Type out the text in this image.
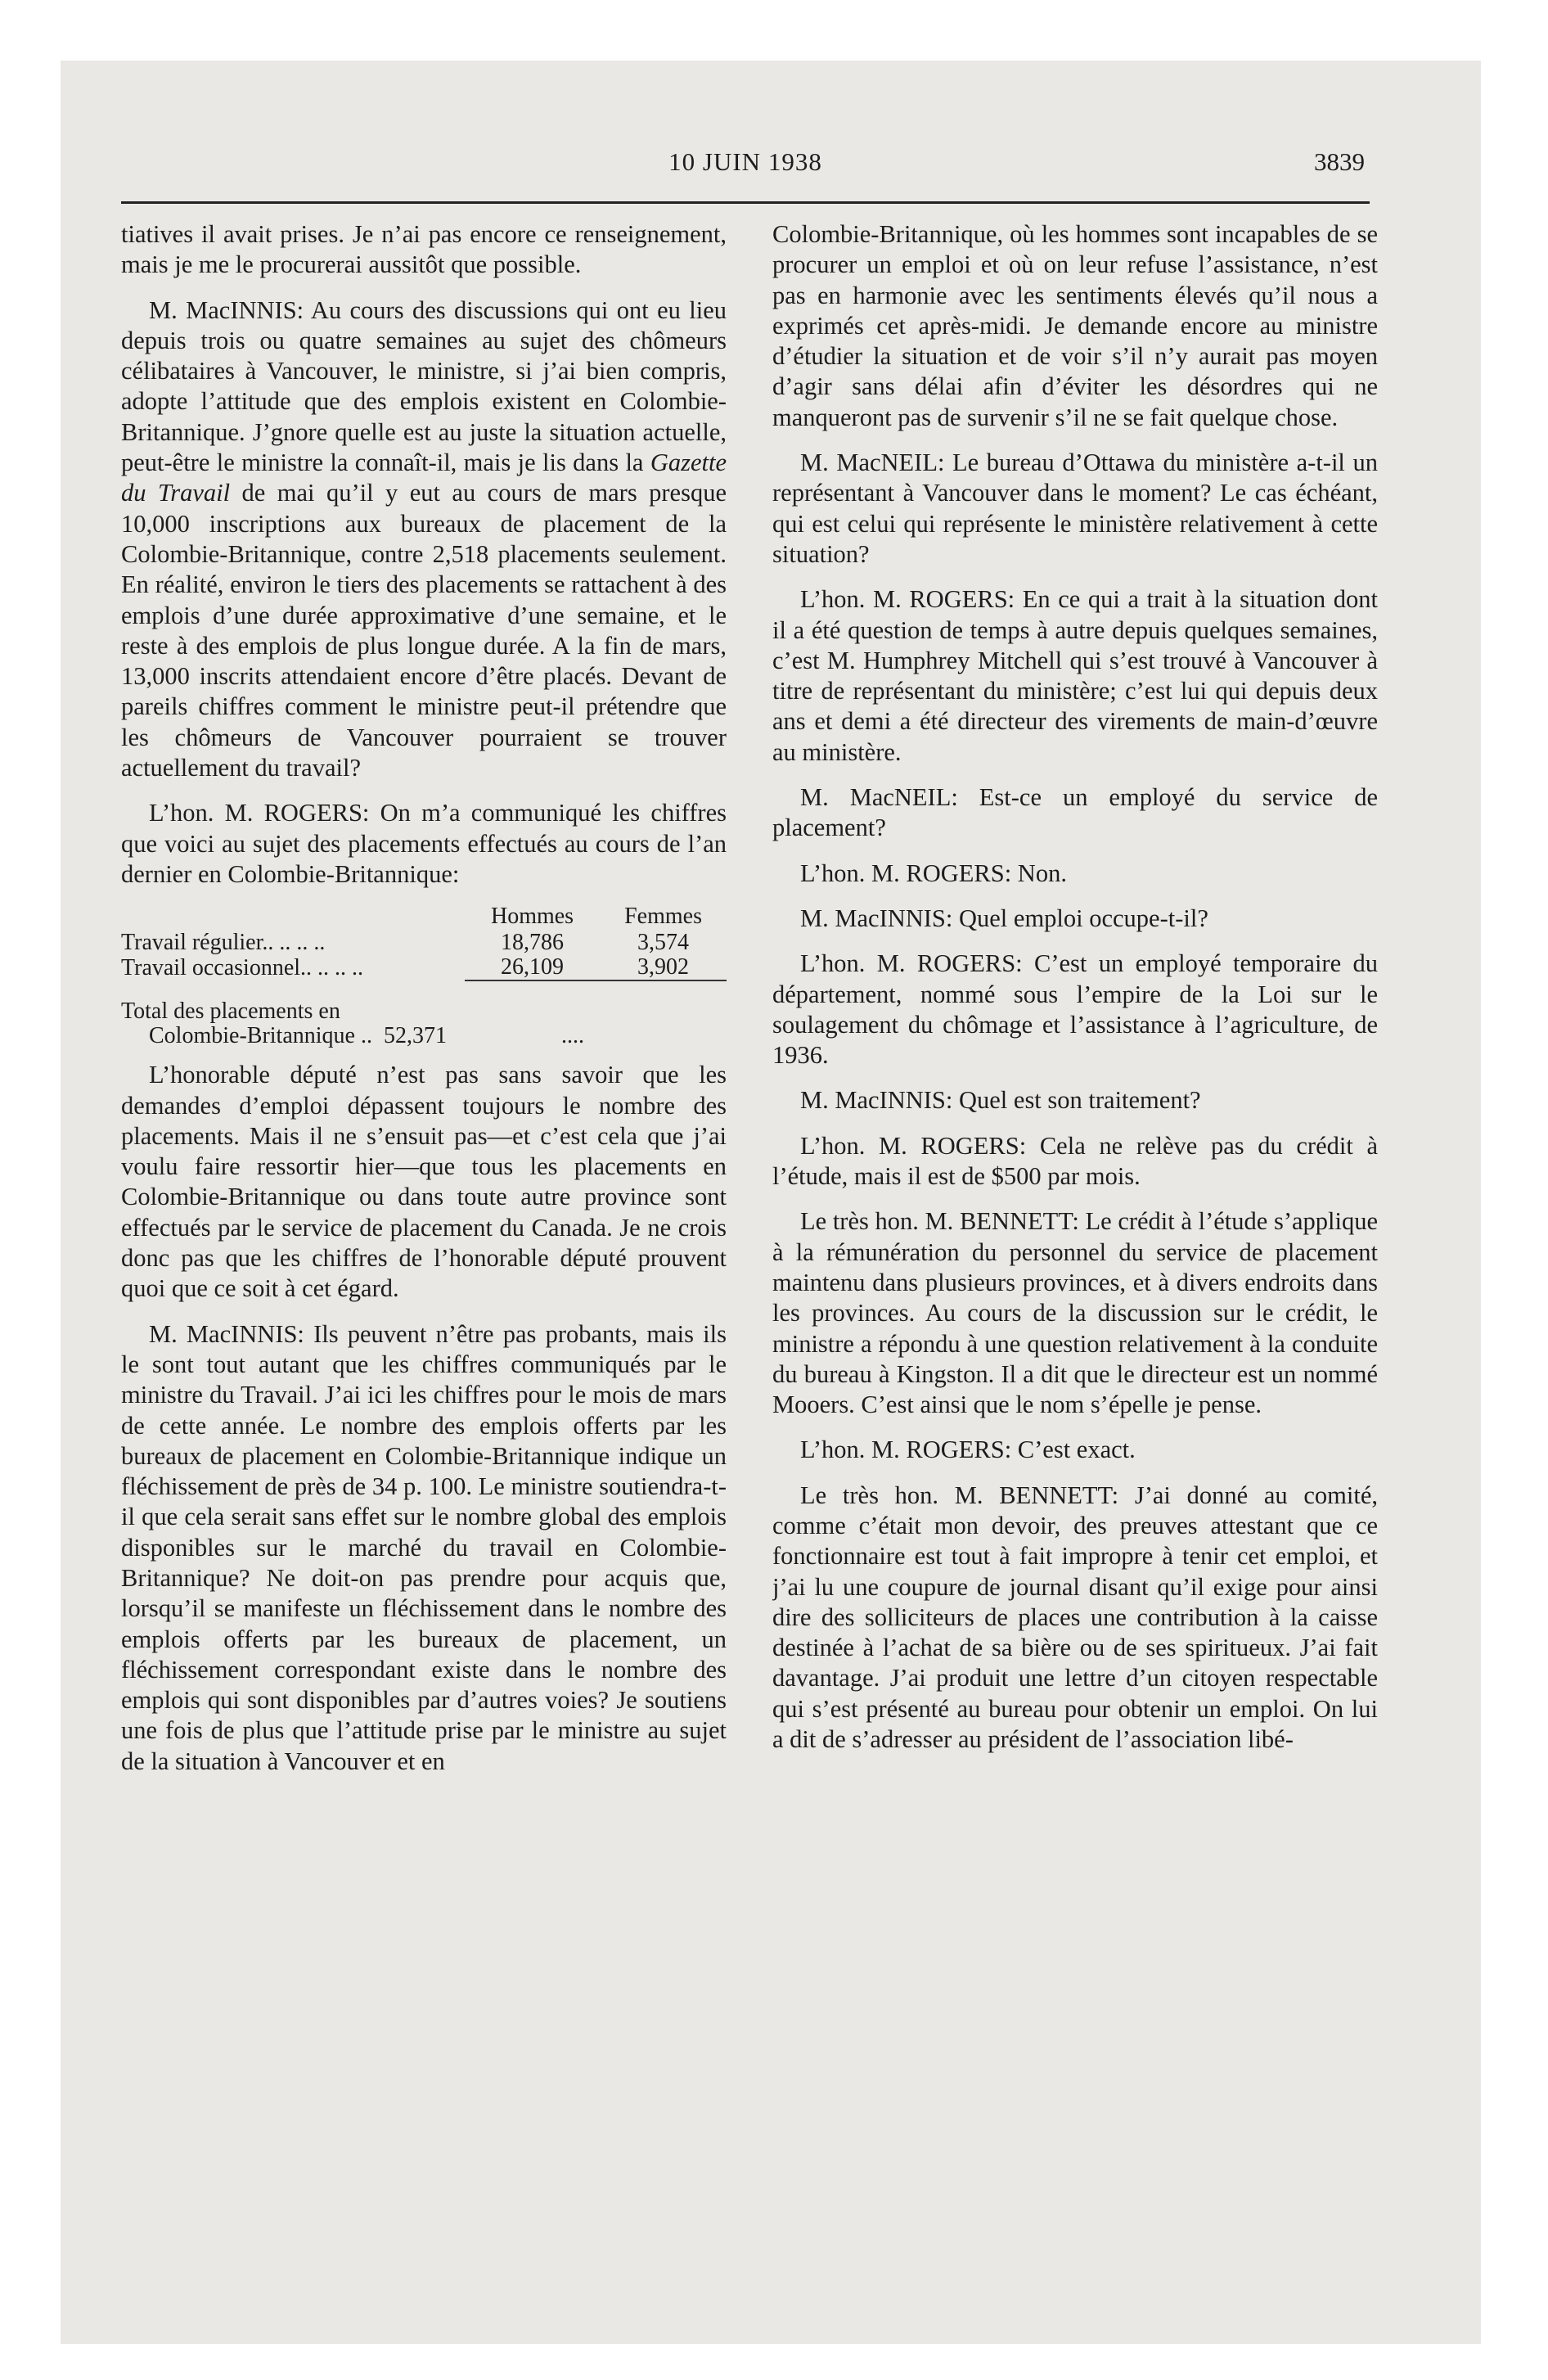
10 JUIN 1938	3839

tiatives il avait prises. Je n’ai pas encore ce renseignement, mais je me le procurerai aussitôt que possible.

M. MacINNIS: Au cours des discussions qui ont eu lieu depuis trois ou quatre semaines au sujet des chômeurs célibataires à Vancouver, le ministre, si j’ai bien compris, adopte l’attitude que des emplois existent en Colombie-Britannique. J’gnore quelle est au juste la situation actuelle, peut-être le ministre la connaît-il, mais je lis dans la Gazette du Travail de mai qu’il y eut au cours de mars presque 10,000 inscriptions aux bureaux de placement de la Colombie-Britannique, contre 2,518 placements seulement. En réalité, environ le tiers des placements se rattachent à des emplois d’une durée approximative d’une semaine, et le reste à des emplois de plus longue durée. A la fin de mars, 13,000 inscrits attendaient encore d’être placés. Devant de pareils chiffres comment le ministre peut-il prétendre que les chômeurs de Vancouver pourraient se trouver actuellement du travail?

L’hon. M. ROGERS: On m’a communiqué les chiffres que voici au sujet des placements effectués au cours de l’an dernier en Colombie-Britannique:

	Hommes	Femmes
Travail régulier.. .. .. ..	18,786	3,574
Travail occasionnel.. .. .. ..	26,109	3,902
Total des placements en
Colombie-Britannique .. 52,371	....

L’honorable député n’est pas sans savoir que les demandes d’emploi dépassent toujours le nombre des placements. Mais il ne s’ensuit pas—et c’est cela que j’ai voulu faire ressortir hier—que tous les placements en Colombie-Britannique ou dans toute autre province sont effectués par le service de placement du Canada. Je ne crois donc pas que les chiffres de l’honorable député prouvent quoi que ce soit à cet égard.

M. MacINNIS: Ils peuvent n’être pas probants, mais ils le sont tout autant que les chiffres communiqués par le ministre du Travail. J’ai ici les chiffres pour le mois de mars de cette année. Le nombre des emplois offerts par les bureaux de placement en Colombie-Britannique indique un fléchissement de près de 34 p. 100. Le ministre soutiendra-t-il que cela serait sans effet sur le nombre global des emplois disponibles sur le marché du travail en Colombie-Britannique? Ne doit-on pas prendre pour acquis que, lorsqu’il se manifeste un fléchissement dans le nombre des emplois offerts par les bureaux de placement, un fléchissement correspondant existe dans le nombre des emplois qui sont disponibles par d’autres voies? Je soutiens une fois de plus que l’attitude prise par le ministre au sujet de la situation à Vancouver et en

Colombie-Britannique, où les hommes sont incapables de se procurer un emploi et où on leur refuse l’assistance, n’est pas en harmonie avec les sentiments élevés qu’il nous a exprimés cet après-midi. Je demande encore au ministre d’étudier la situation et de voir s’il n’y aurait pas moyen d’agir sans délai afin d’éviter les désordres qui ne manqueront pas de survenir s’il ne se fait quelque chose.

M. MacNEIL: Le bureau d’Ottawa du ministère a-t-il un représentant à Vancouver dans le moment? Le cas échéant, qui est celui qui représente le ministère relativement à cette situation?

L’hon. M. ROGERS: En ce qui a trait à la situation dont il a été question de temps à autre depuis quelques semaines, c’est M. Humphrey Mitchell qui s’est trouvé à Vancouver à titre de représentant du ministère; c’est lui qui depuis deux ans et demi a été directeur des virements de main-d’œuvre au ministère.

M. MacNEIL: Est-ce un employé du service de placement?

L’hon. M. ROGERS: Non.

M. MacINNIS: Quel emploi occupe-t-il?

L’hon. M. ROGERS: C’est un employé temporaire du département, nommé sous l’empire de la Loi sur le soulagement du chômage et l’assistance à l’agriculture, de 1936.

M. MacINNIS: Quel est son traitement?

L’hon. M. ROGERS: Cela ne relève pas du crédit à l’étude, mais il est de $500 par mois.

Le très hon. M. BENNETT: Le crédit à l’étude s’applique à la rémunération du personnel du service de placement maintenu dans plusieurs provinces, et à divers endroits dans les provinces. Au cours de la discussion sur le crédit, le ministre a répondu à une question relativement à la conduite du bureau à Kingston. Il a dit que le directeur est un nommé Mooers. C’est ainsi que le nom s’épelle je pense.

L’hon. M. ROGERS: C’est exact.

Le très hon. M. BENNETT: J’ai donné au comité, comme c’était mon devoir, des preuves attestant que ce fonctionnaire est tout à fait impropre à tenir cet emploi, et j’ai lu une coupure de journal disant qu’il exige pour ainsi dire des solliciteurs de places une contribution à la caisse destinée à l’achat de sa bière ou de ses spiritueux. J’ai fait davantage. J’ai produit une lettre d’un citoyen respectable qui s’est présenté au bureau pour obtenir un emploi. On lui a dit de s’adresser au président de l’association libé-
